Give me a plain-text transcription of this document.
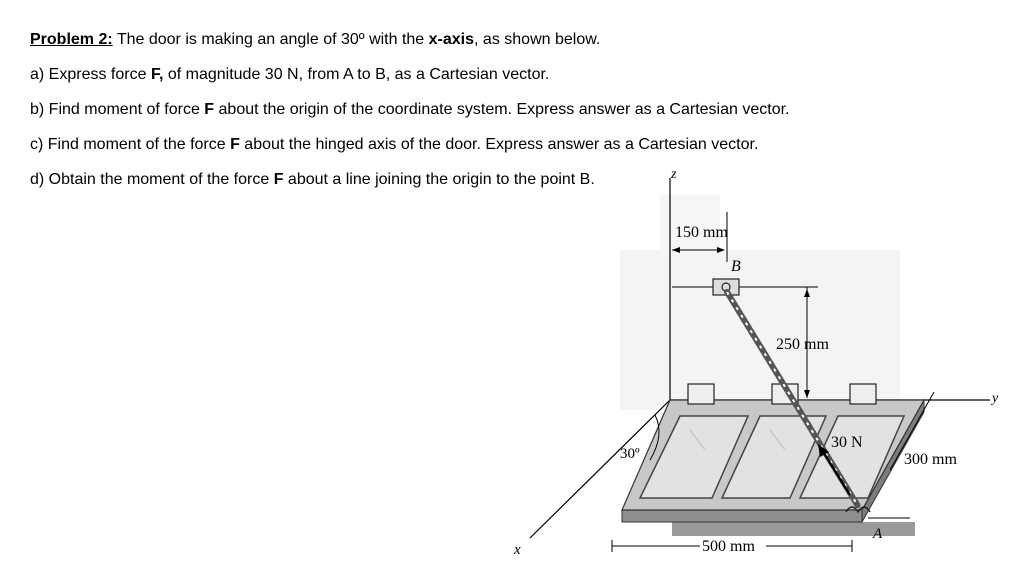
Problem 2: The door is making an angle of 30º with the x-axis, as shown below.
a) Express force F, of magnitude 30 N, from A to B, as a Cartesian vector.
b) Find moment of force F about the origin of the coordinate system. Express answer as a Cartesian vector.
c) Find moment of the force F about the hinged axis of the door. Express answer as a Cartesian vector.
d) Obtain the moment of the force F about a line joining the origin to the point B.	z
y
x
150 mm
B
250 mm
30 N
A
300 mm
500 mm
30º
